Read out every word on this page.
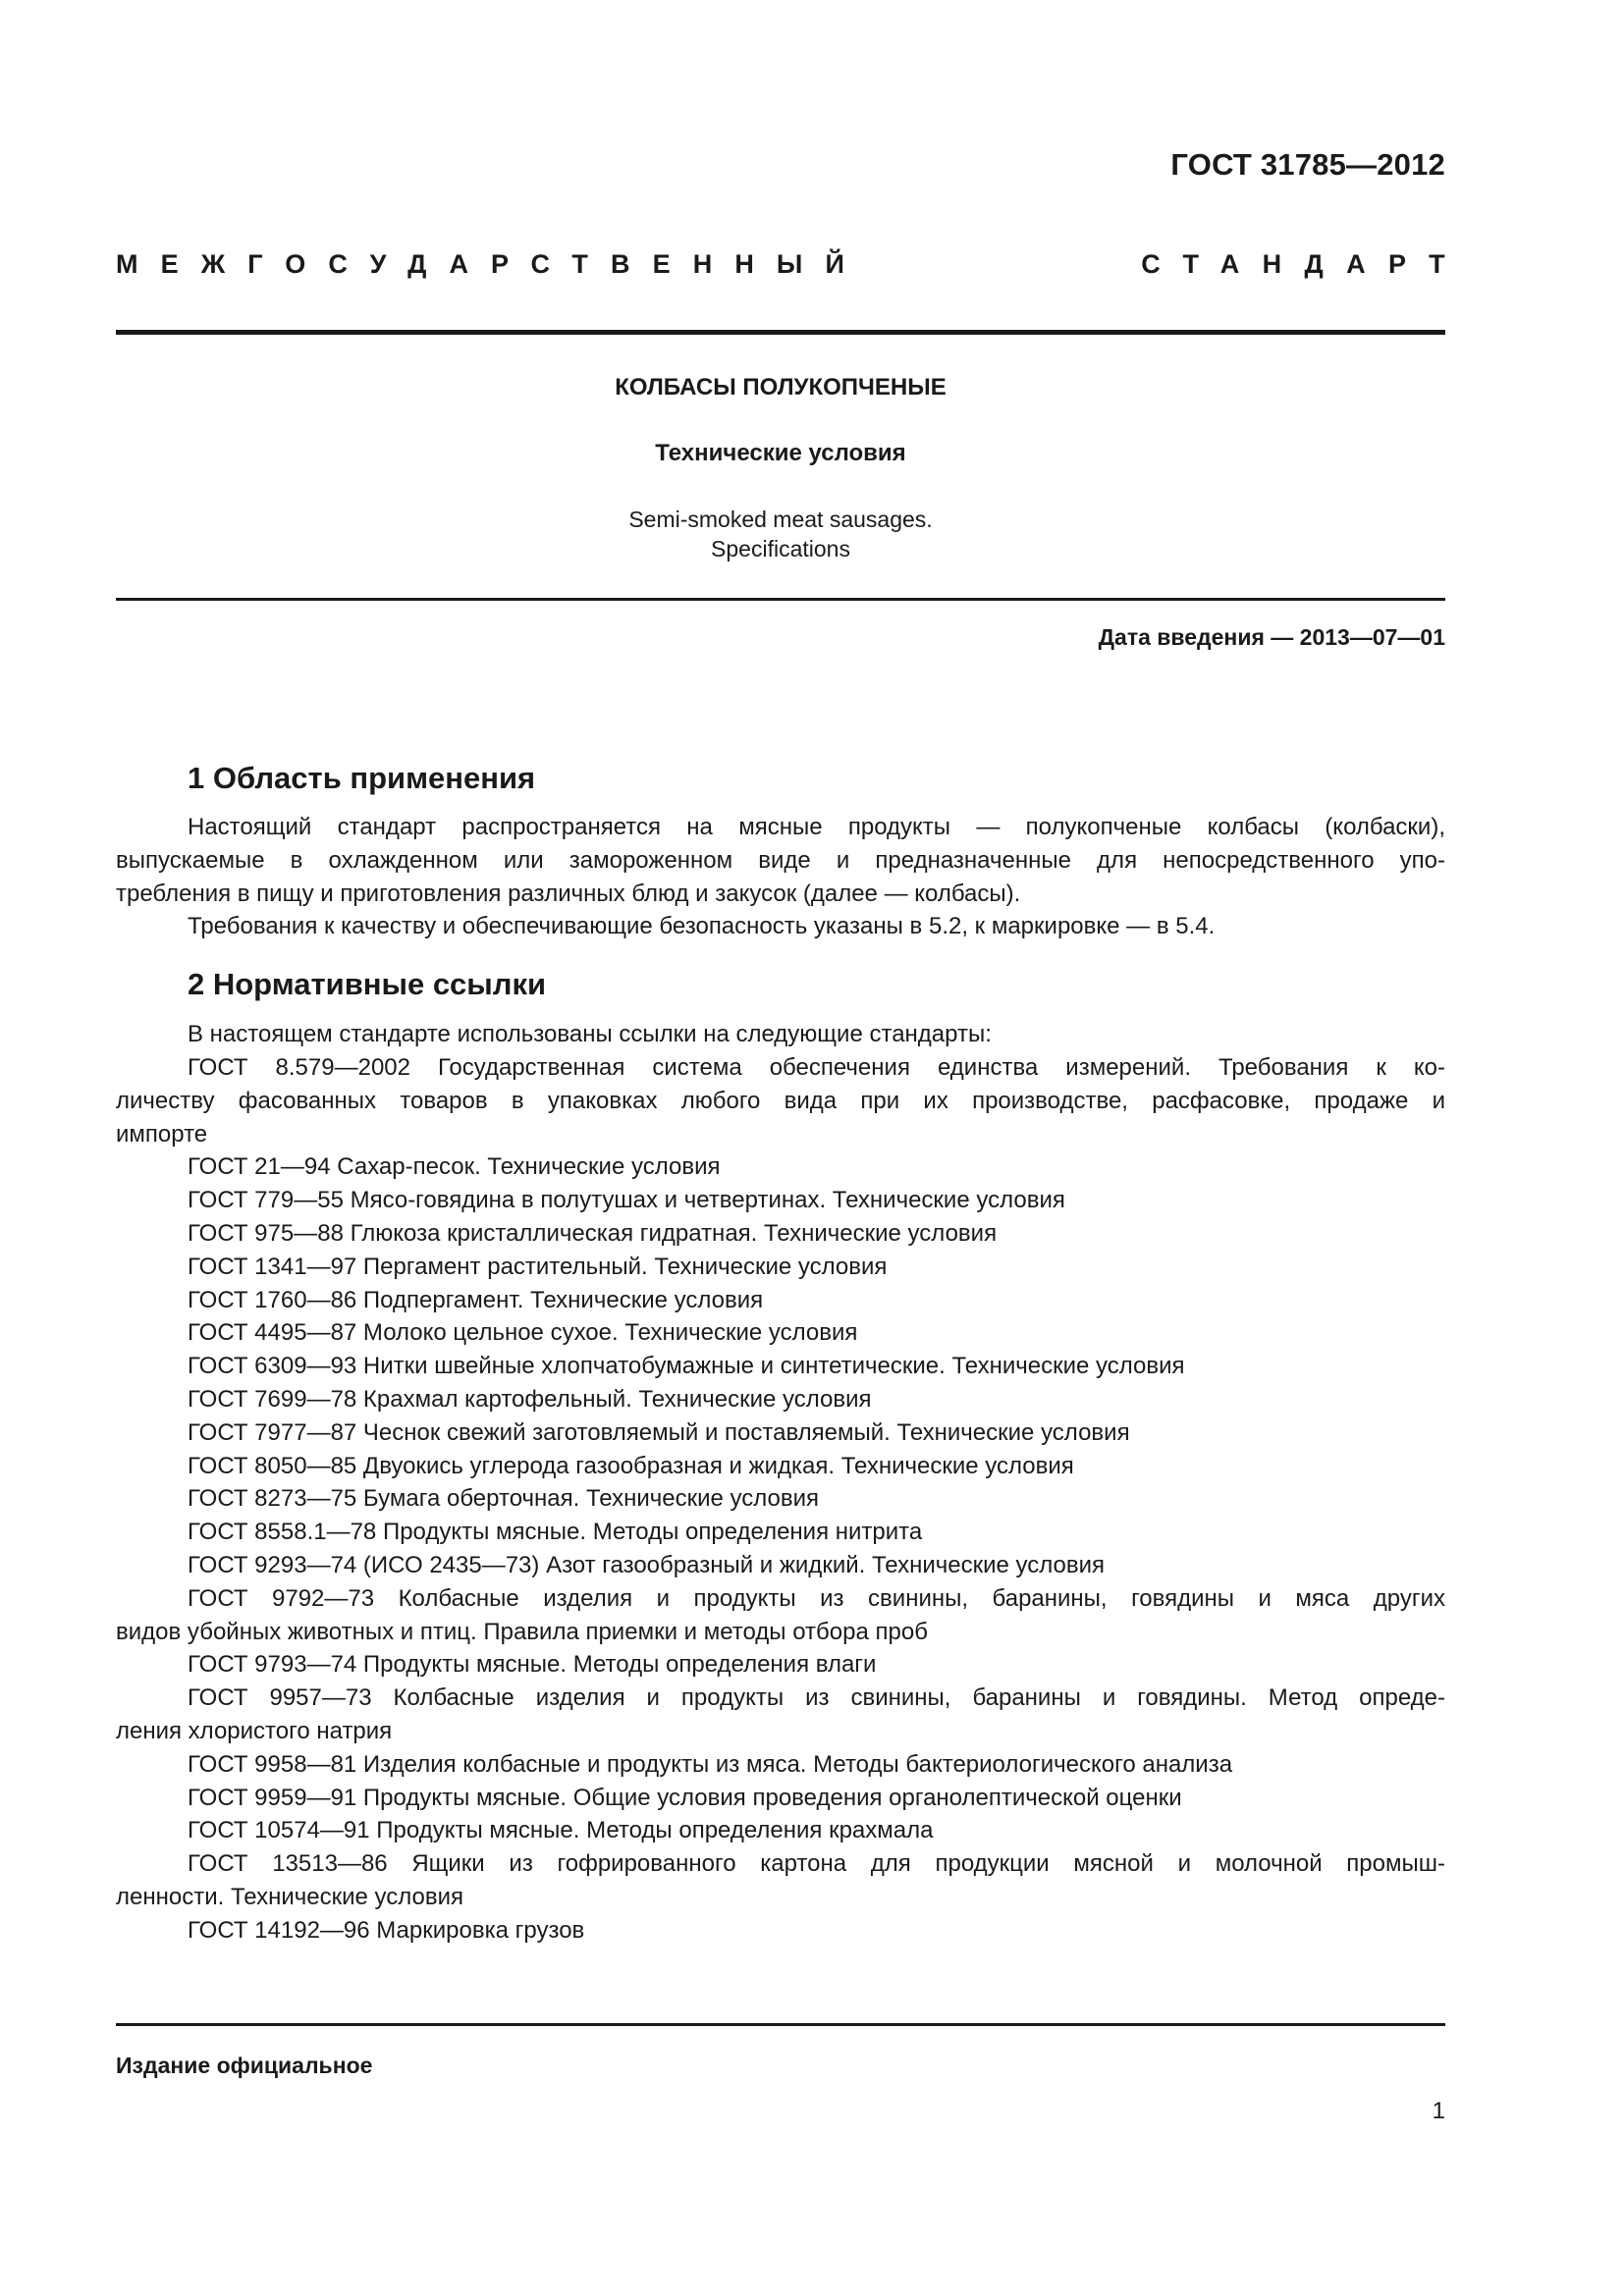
ГОСТ 31785—2012
МЕЖГОСУДАРСТВЕННЫЙ	СТАНДАРТ
КОЛБАСЫ ПОЛУКОПЧЕНЫЕ
Технические условия
Semi-smoked meat sausages.
Specifications
Дата введения — 2013—07—01
1 Область применения

Настоящий стандарт распространяется на мясные продукты — полукопченые колбасы (колбаски),

выпускаемые в охлажденном или замороженном виде и предназначенные для непосредственного упо-

требления в пищу и приготовления различных блюд и закусок (далее — колбасы).

Требования к качеству и обеспечивающие безопасность указаны в 5.2, к маркировке — в 5.4.

2 Нормативные ссылки

В настоящем стандарте использованы ссылки на следующие стандарты:

ГОСТ 8.579—2002 Государственная система обеспечения единства измерений. Требования к ко-

личеству фасованных товаров в упаковках любого вида при их производстве, расфасовке, продаже и

импорте

ГОСТ 21—94 Сахар-песок. Технические условия

ГОСТ 779—55 Мясо-говядина в полутушах и четвертинах. Технические условия

ГОСТ 975—88 Глюкоза кристаллическая гидратная. Технические условия

ГОСТ 1341—97 Пергамент растительный. Технические условия

ГОСТ 1760—86 Подпергамент. Технические условия

ГОСТ 4495—87 Молоко цельное сухое. Технические условия

ГОСТ 6309—93 Нитки швейные хлопчатобумажные и синтетические. Технические условия

ГОСТ 7699—78 Крахмал картофельный. Технические условия

ГОСТ 7977—87 Чеснок свежий заготовляемый и поставляемый. Технические условия

ГОСТ 8050—85 Двуокись углерода газообразная и жидкая. Технические условия

ГОСТ 8273—75 Бумага оберточная. Технические условия

ГОСТ 8558.1—78 Продукты мясные. Методы определения нитрита

ГОСТ 9293—74 (ИСО 2435—73) Азот газообразный и жидкий. Технические условия

ГОСТ 9792—73 Колбасные изделия и продукты из свинины, баранины, говядины и мяса других

видов убойных животных и птиц. Правила приемки и методы отбора проб

ГОСТ 9793—74 Продукты мясные. Методы определения влаги

ГОСТ 9957—73 Колбасные изделия и продукты из свинины, баранины и говядины. Метод опреде-

ления хлористого натрия

ГОСТ 9958—81 Изделия колбасные и продукты из мяса. Методы бактериологического анализа

ГОСТ 9959—91 Продукты мясные. Общие условия проведения органолептической оценки

ГОСТ 10574—91 Продукты мясные. Методы определения крахмала

ГОСТ 13513—86 Ящики из гофрированного картона для продукции мясной и молочной промыш-

ленности. Технические условия

ГОСТ 14192—96 Маркировка грузов

Издание официальное
1
